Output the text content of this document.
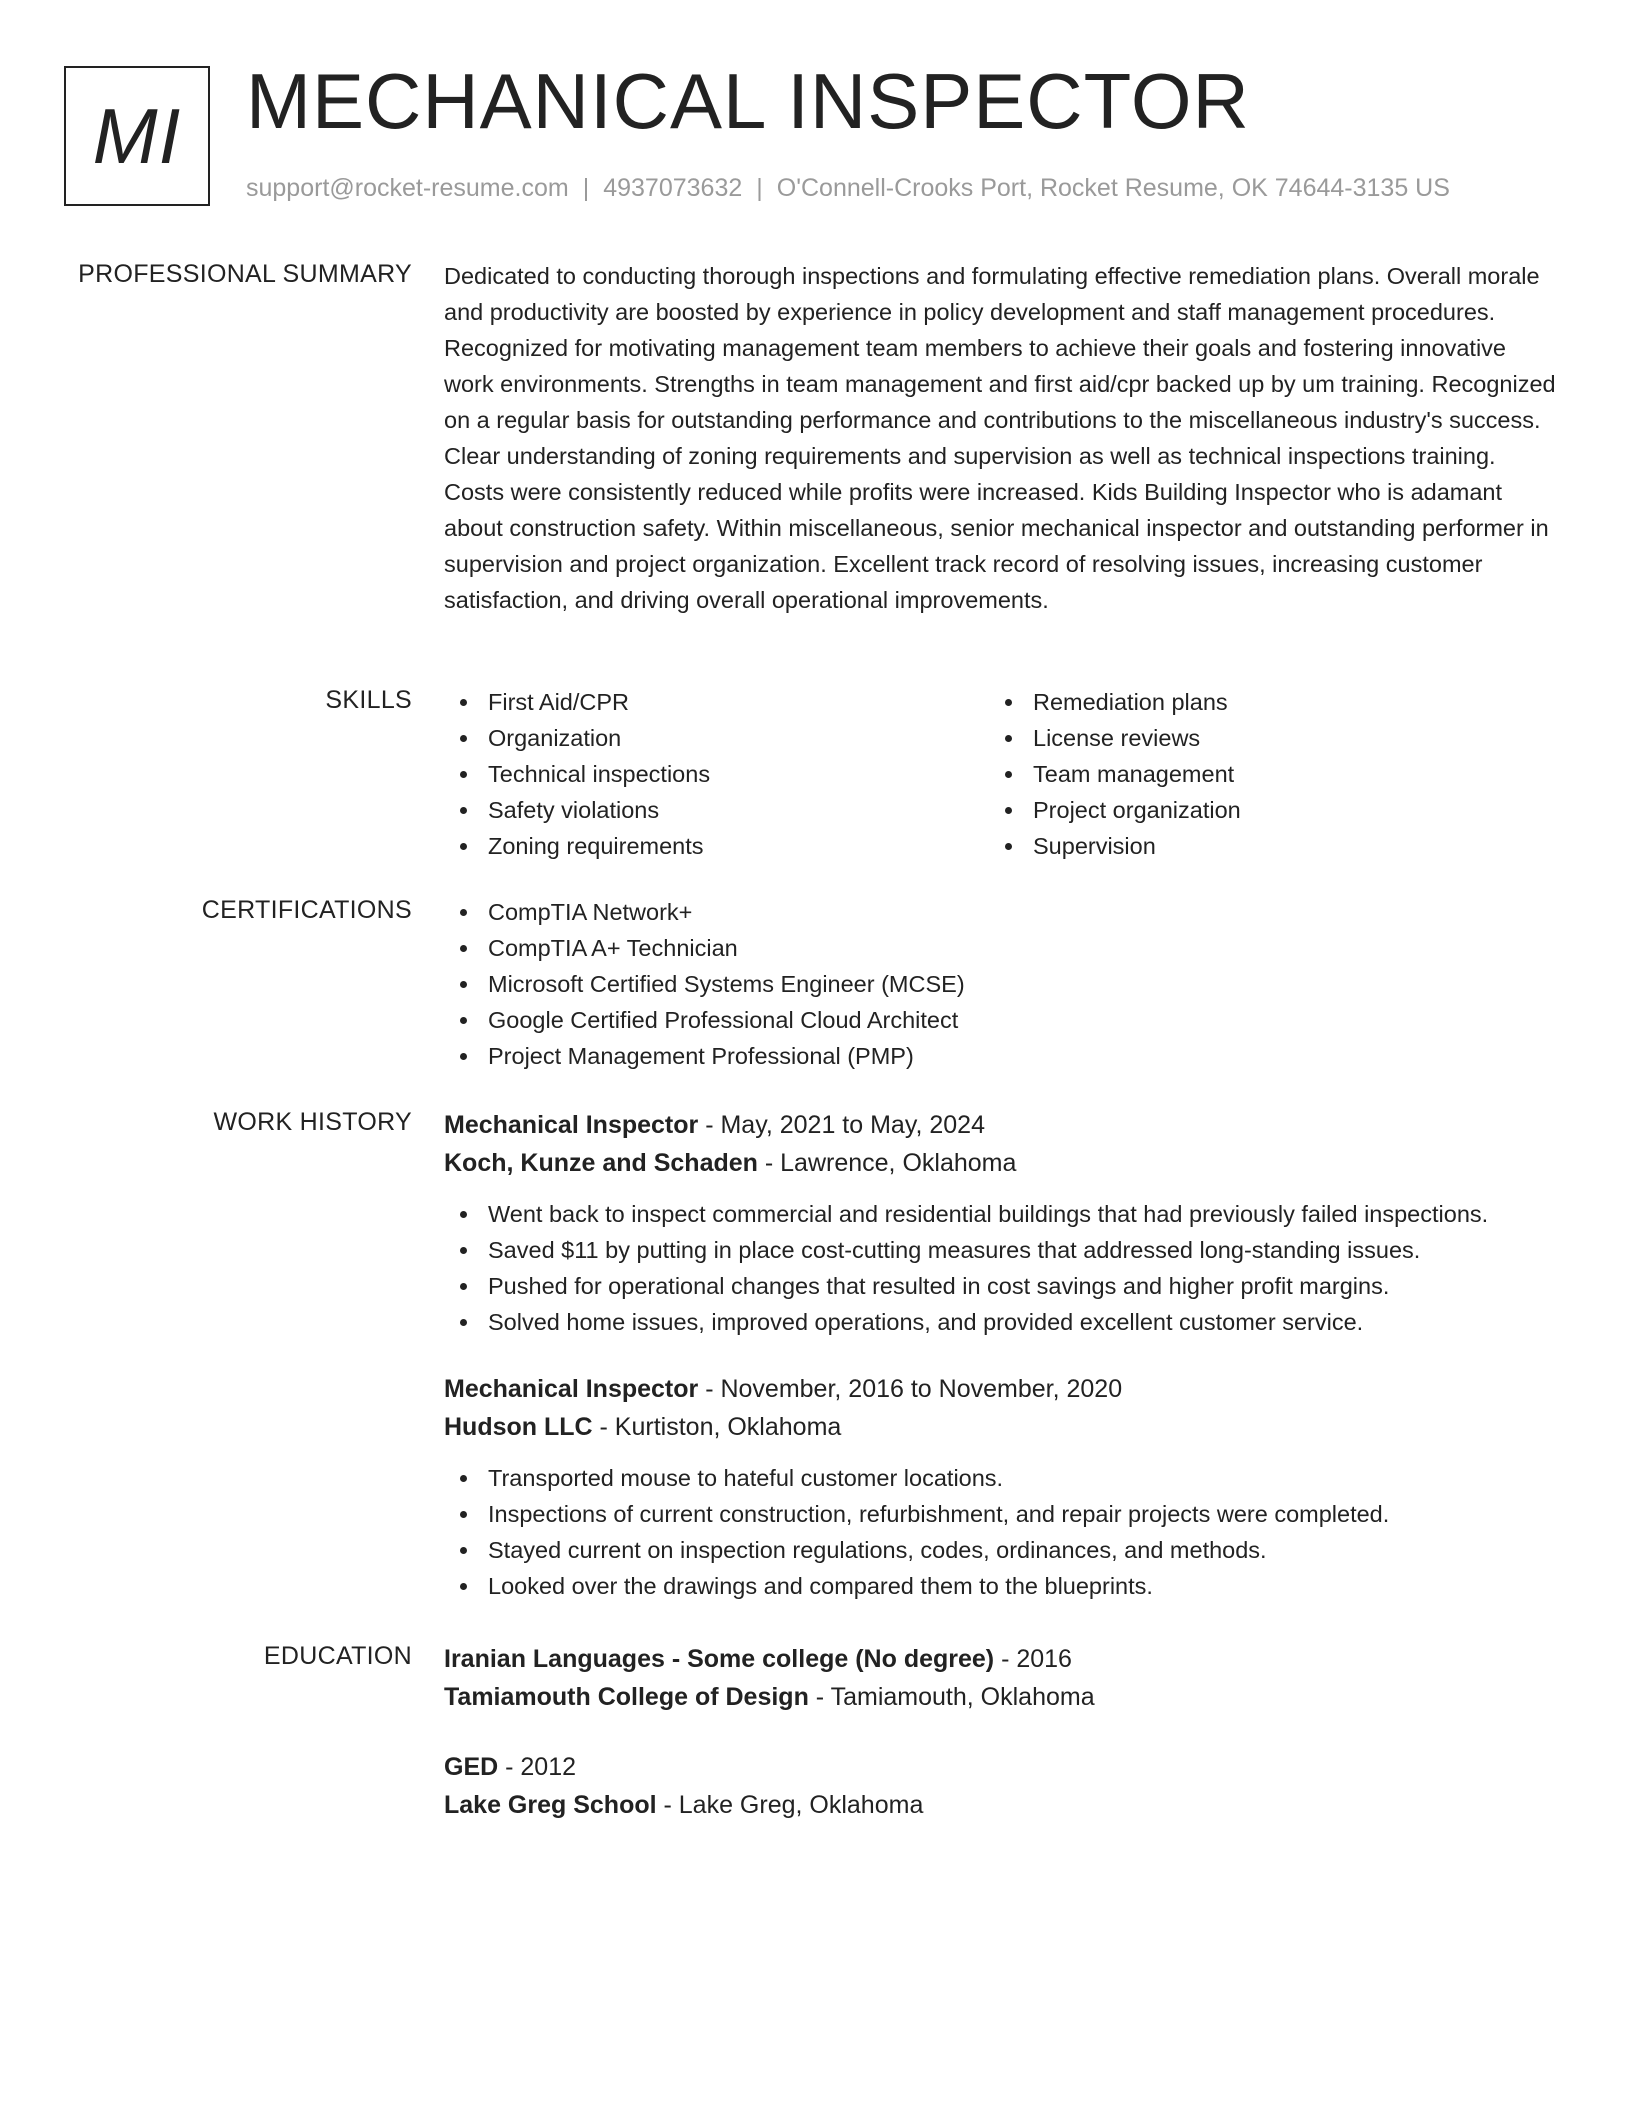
MI MECHANICAL INSPECTOR
support@rocket-resume.com | 4937073632 | O'Connell-Crooks Port, Rocket Resume, OK 74644-3135 US
PROFESSIONAL SUMMARY Dedicated to conducting thorough inspections and formulating effective remediation plans. Overall morale and productivity are boosted by experience in policy development and staff management procedures. Recognized for motivating management team members to achieve their goals and fostering innovative work environments. Strengths in team management and first aid/cpr backed up by um training. Recognized on a regular basis for outstanding performance and contributions to the miscellaneous industry's success. Clear understanding of zoning requirements and supervision as well as technical inspections training. Costs were consistently reduced while profits were increased. Kids Building Inspector who is adamant about construction safety. Within miscellaneous, senior mechanical inspector and outstanding performer in supervision and project organization. Excellent track record of resolving issues, increasing customer satisfaction, and driving overall operational improvements.

SKILLS	First Aid/CPR
Organization
Technical inspections
Safety violations
Zoning requirements
Remediation plans
License reviews
Team management
Project organization
Supervision
CERTIFICATIONS	CompTIA Network+
CompTIA A+ Technician
Microsoft Certified Systems Engineer (MCSE)
Google Certified Professional Cloud Architect
Project Management Professional (PMP)
WORK HISTORY Mechanical Inspector - May, 2021 to May, 2024
Koch, Kunze and Schaden - Lawrence, Oklahoma
Went back to inspect commercial and residential buildings that had previously failed inspections.
Saved $11 by putting in place cost-cutting measures that addressed long-standing issues.
Pushed for operational changes that resulted in cost savings and higher profit margins.
Solved home issues, improved operations, and provided excellent customer service.
Mechanical Inspector - November, 2016 to November, 2020
Hudson LLC - Kurtiston, Oklahoma
Transported mouse to hateful customer locations.
Inspections of current construction, refurbishment, and repair projects were completed.
Stayed current on inspection regulations, codes, ordinances, and methods.
Looked over the drawings and compared them to the blueprints.
EDUCATION Iranian Languages - Some college (No degree) - 2016
Tamiamouth College of Design - Tamiamouth, Oklahoma
GED - 2012
Lake Greg School - Lake Greg, Oklahoma
